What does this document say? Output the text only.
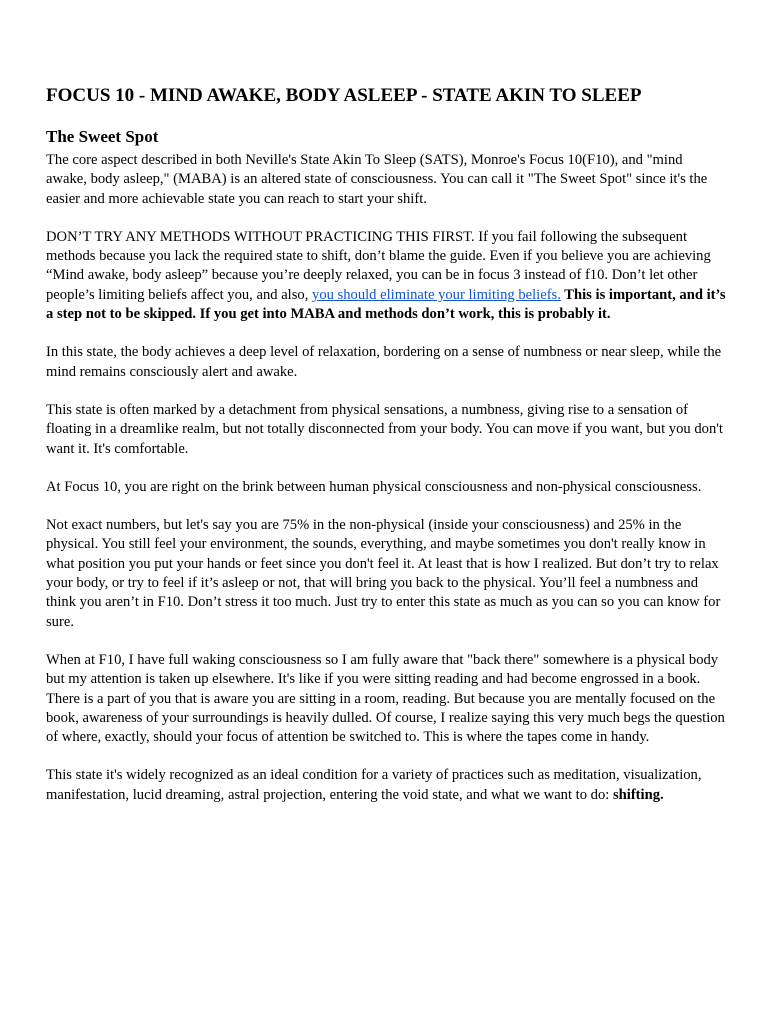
FOCUS 10 - MIND AWAKE, BODY ASLEEP - STATE AKIN TO SLEEP
The Sweet Spot

The core aspect described in both Neville's State Akin To Sleep (SATS), Monroe's Focus 10(F10), and "mind awake, body asleep," (MABA) is an altered state of consciousness. You can call it "The Sweet Spot" since it's the easier and more achievable state you can reach to start your shift.

DON’T TRY ANY METHODS WITHOUT PRACTICING THIS FIRST. If you fail following the subsequent methods because you lack the required state to shift, don’t blame the guide. Even if you believe you are achieving “Mind awake, body asleep” because you’re deeply relaxed, you can be in focus 3 instead of f10. Don’t let other people’s limiting beliefs affect you, and also, you should eliminate your limiting beliefs. This is important, and it’s a step not to be skipped. If you get into MABA and methods don’t work, this is probably it.

In this state, the body achieves a deep level of relaxation, bordering on a sense of numbness or near sleep, while the mind remains consciously alert and awake.

This state is often marked by a detachment from physical sensations, a numbness, giving rise to a sensation of floating in a dreamlike realm, but not totally disconnected from your body. You can move if you want, but you don't want it. It's comfortable.

At Focus 10, you are right on the brink between human physical consciousness and non-physical consciousness.

Not exact numbers, but let's say you are 75% in the non-physical (inside your consciousness) and 25% in the physical. You still feel your environment, the sounds, everything, and maybe sometimes you don't really know in what position you put your hands or feet since you don't feel it. At least that is how I realized. But don’t try to relax your body, or try to feel if it’s asleep or not, that will bring you back to the physical. You’ll feel a numbness and think you aren’t in F10. Don’t stress it too much. Just try to enter this state as much as you can so you can know for sure.

When at F10, I have full waking consciousness so I am fully aware that "back there" somewhere is a physical body but my attention is taken up elsewhere. It's like if you were sitting reading and had become engrossed in a book. There is a part of you that is aware you are sitting in a room, reading. But because you are mentally focused on the book, awareness of your surroundings is heavily dulled. Of course, I realize saying this very much begs the question of where, exactly, should your focus of attention be switched to. This is where the tapes come in handy.

This state it's widely recognized as an ideal condition for a variety of practices such as meditation, visualization, manifestation, lucid dreaming, astral projection, entering the void state, and what we want to do: shifting.
